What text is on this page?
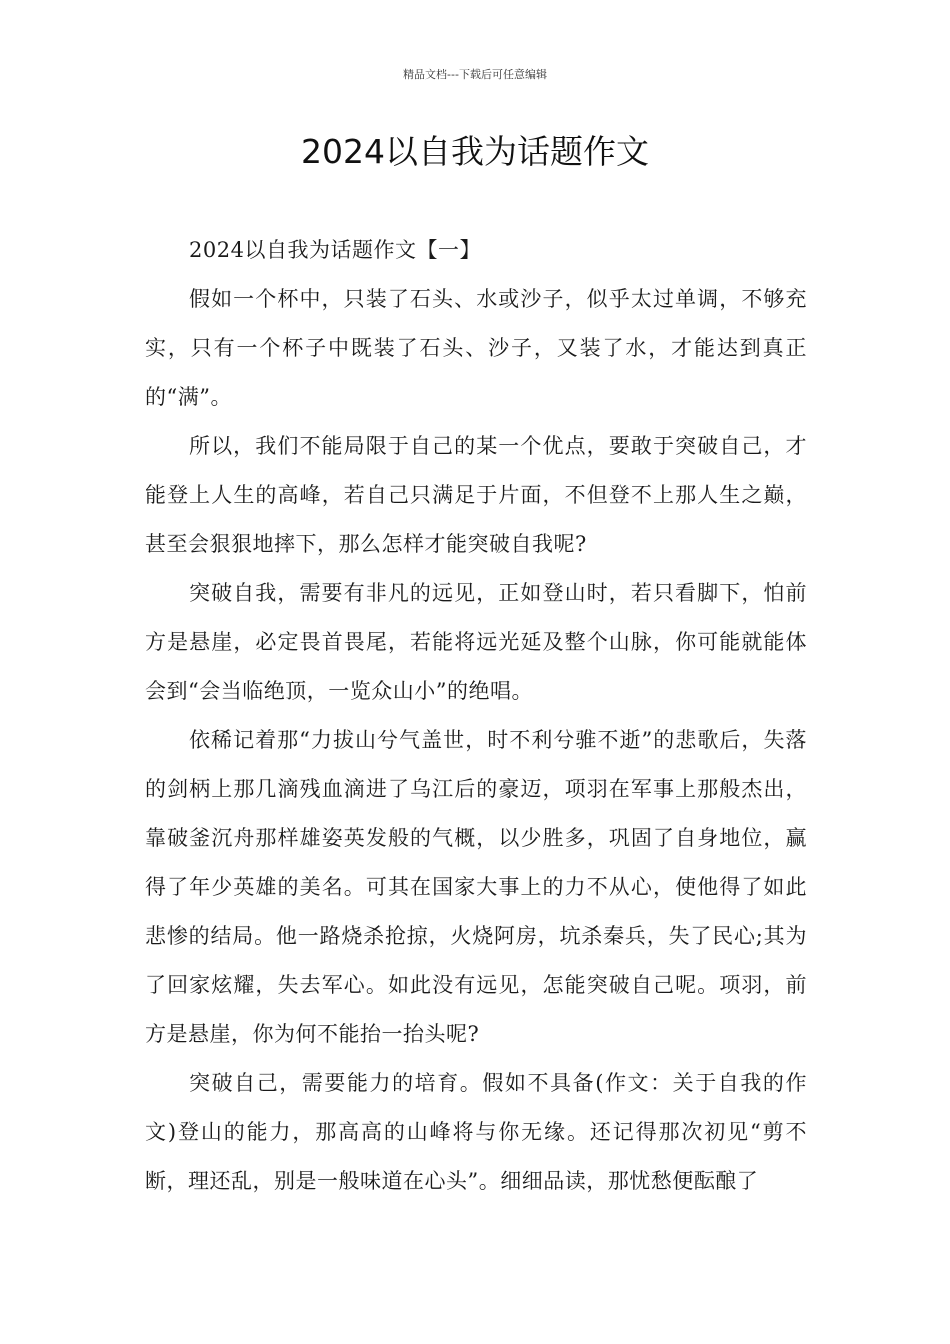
精品文档---下载后可任意编辑
2024以自我为话题作文

2024以自我为话题作文【一】

假如一个杯中，只装了石头、水或沙子，似乎太过单调，不够充实，只有一个杯子中既装了石头、沙子，又装了水，才能达到真正的“满”。

所以，我们不能局限于自己的某一个优点，要敢于突破自己，才能登上人生的高峰，若自己只满足于片面，不但登不上那人生之巅，甚至会狠狠地摔下，那么怎样才能突破自我呢?

突破自我，需要有非凡的远见，正如登山时，若只看脚下，怕前方是悬崖，必定畏首畏尾，若能将远光延及整个山脉，你可能就能体会到“会当临绝顶，一览众山小”的绝唱。

依稀记着那“力拔山兮气盖世，时不利兮骓不逝”的悲歌后，失落的剑柄上那几滴残血滴进了乌江后的豪迈，项羽在军事上那般杰出，靠破釜沉舟那样雄姿英发般的气概，以少胜多，巩固了自身地位，赢得了年少英雄的美名。可其在国家大事上的力不从心，使他得了如此悲惨的结局。他一路烧杀抢掠，火烧阿房，坑杀秦兵，失了民心;其为了回家炫耀，失去军心。如此没有远见，怎能突破自己呢。项羽，前方是悬崖，你为何不能抬一抬头呢?

突破自己，需要能力的培育。假如不具备(作文：关于自我的作文)登山的能力，那高高的山峰将与你无缘。还记得那次初见“剪不断，理还乱，别是一般味道在心头”。细细品读，那忧愁便酝酿了
